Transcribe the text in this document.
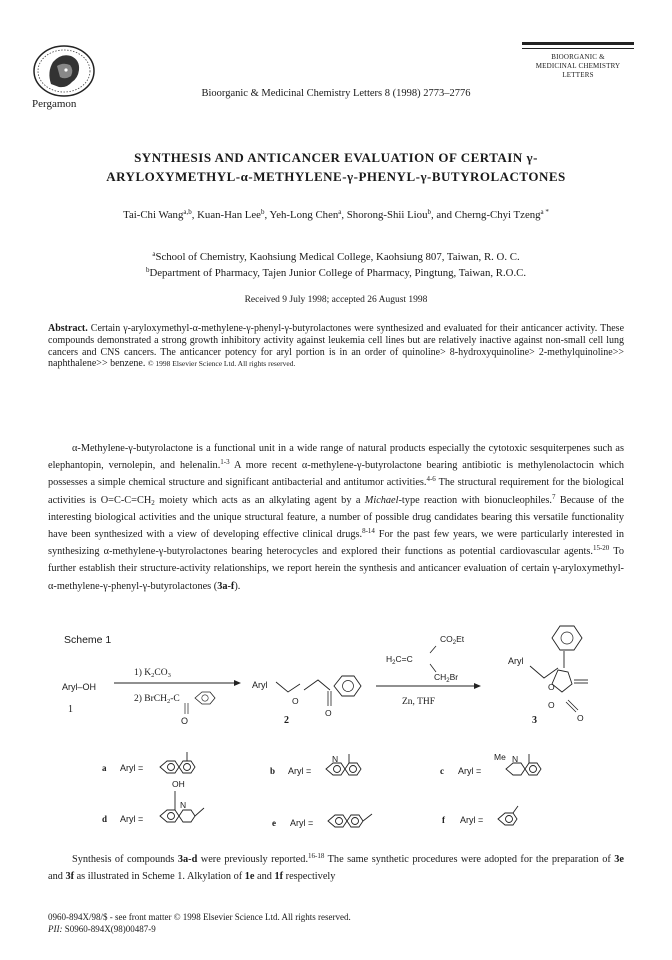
Pergamon
Bioorganic & Medicinal Chemistry Letters 8 (1998) 2773–2776
BIOORGANIC &
MEDICINAL CHEMISTRY
LETTERS
SYNTHESIS AND ANTICANCER EVALUATION OF CERTAIN γ-
ARYLOXYMETHYL-α-METHYLENE-γ-PHENYL-γ-BUTYROLACTONES
Tai-Chi Wang$^{a,b}$, Kuan-Han Lee$^b$, Yeh-Long Chen$^a$, Shorong-Shii Liou$^b$, and Cherng-Chyi Tzeng$^{a *}$
$^a$School of Chemistry, Kaohsiung Medical College, Kaohsiung 807, Taiwan, R. O. C.
$^b$Department of Pharmacy, Tajen Junior College of Pharmacy, Pingtung, Taiwan, R.O.C.
Received 9 July 1998; accepted 26 August 1998
Abstract. Certain γ-aryloxymethyl-α-methylene-γ-phenyl-γ-butyrolactones were synthesized and evaluated for their anticancer activity. These compounds demonstrated a strong growth inhibitory activity against leukemia cell lines but are relatively inactive against non-small cell lung cancers and CNS cancers. The anticancer potency for aryl portion is in an order of quinoline> 8-hydroxyquinoline> 2-methylquinoline>> naphthalene>> benzene. © 1998 Elsevier Science Ltd. All rights reserved.
α-Methylene-γ-butyrolactone is a functional unit in a wide range of natural products especially the cytotoxic sesquiterpenes such as elephantopin, vernolepin, and helenalin.$^{1-3}$ A more recent α-methylene-γ-butyrolactone bearing antibiotic is methylenolactocin which possesses a simple chemical structure and significant antibacterial and antitumor activities.$^{4-6}$ The structural requirement for the biological activities is $O=C-C=CH_2$ moiety which acts as an alkylating agent by a Michael-type reaction with bionucleophiles.$^7$ Because of the interesting biological activities and the unique structural feature, a number of possible drug candidates bearing this versatile functionality have been synthesized with a view of developing effective clinical drugs.$^{8-14}$ For the past few years, we were particularly interested in synthesizing α-methylene-γ-butyrolactones bearing heterocycles and explored their functions as potential cardiovascular agents.$^{15-20}$ To further establish their structure-activity relationships, we report herein the synthesis and anticancer evaluation of certain γ-aryloxymethyl-α-methylene-γ-phenyl-γ-butyrolactones (3a-f).
Scheme 1
Aryl–OH
1
1) $K_2CO_3$
2) BrCH$_2$-C
O
Aryl
O
O
2
$CO_2Et$
$H_2C=C$
$CH_2Br$
Zn, THF
Aryl
O
O
O
3
a Aryl =	b Aryl =
N
c Aryl =
Me N
d Aryl =
OH
N
e Aryl =	f Aryl =
Synthesis of compounds 3a-d were previously reported.$^{16-18}$ The same synthetic procedures were adopted for the preparation of 3e and 3f as illustrated in Scheme 1. Alkylation of 1e and 1f respectively
0960-894X/98/$ - see front matter © 1998 Elsevier Science Ltd. All rights reserved.
PII: S0960-894X(98)00487-9
